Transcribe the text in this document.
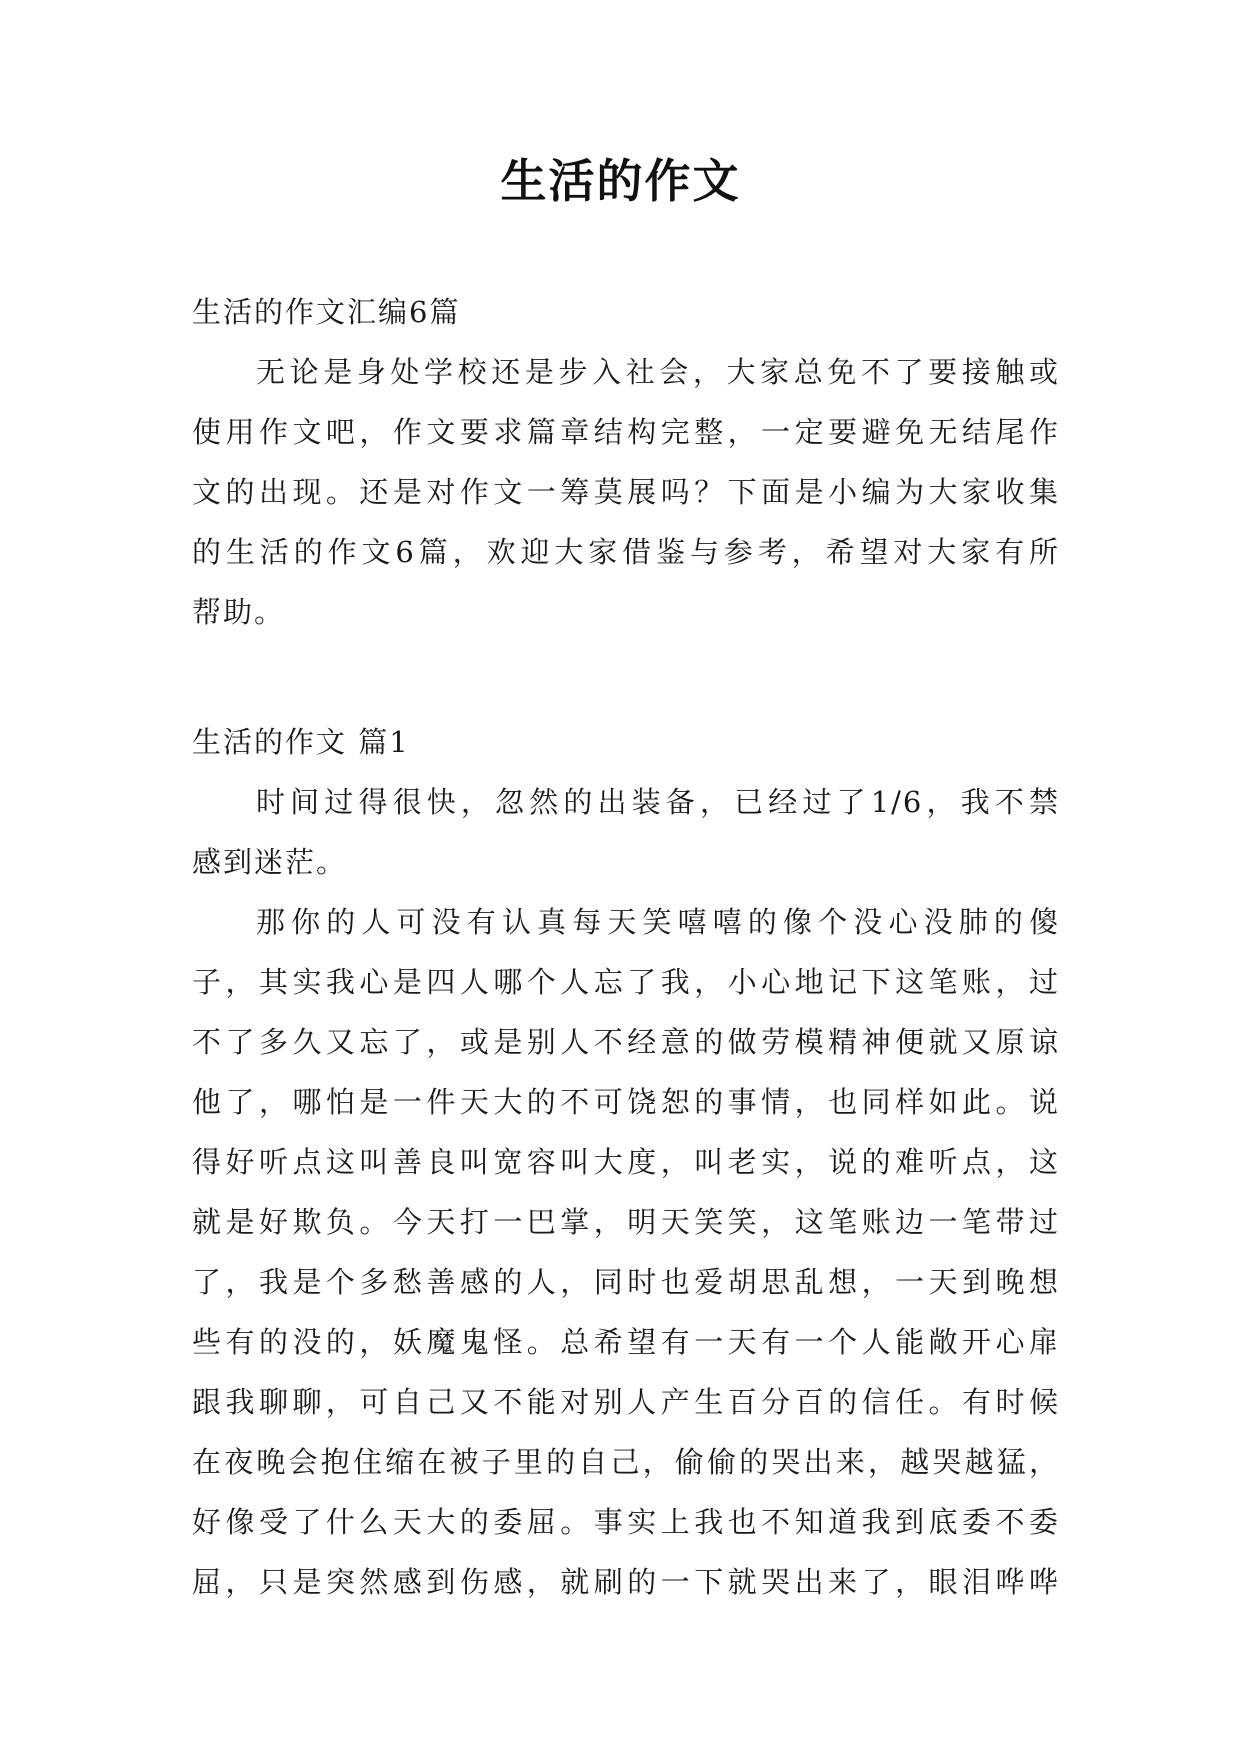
生活的作文

生活的作文汇编6篇

无论是身处学校还是步入社会，大家总免不了要接触或

使用作文吧，作文要求篇章结构完整，一定要避免无结尾作

文的出现。还是对作文一筹莫展吗？下面是小编为大家收集

的生活的作文6篇，欢迎大家借鉴与参考，希望对大家有所

帮助。

生活的作文 篇1

时间过得很快，忽然的出装备，已经过了1/6，我不禁

感到迷茫。

那你的人可没有认真每天笑嘻嘻的像个没心没肺的傻

子，其实我心是四人哪个人忘了我，小心地记下这笔账，过

不了多久又忘了，或是别人不经意的做劳模精神便就又原谅

他了，哪怕是一件天大的不可饶恕的事情，也同样如此。说

得好听点这叫善良叫宽容叫大度，叫老实，说的难听点，这

就是好欺负。今天打一巴掌，明天笑笑，这笔账边一笔带过

了，我是个多愁善感的人，同时也爱胡思乱想，一天到晚想

些有的没的，妖魔鬼怪。总希望有一天有一个人能敞开心扉

跟我聊聊，可自己又不能对别人产生百分百的信任。有时候

在夜晚会抱住缩在被子里的自己，偷偷的哭出来，越哭越猛，

好像受了什么天大的委屈。事实上我也不知道我到底委不委

屈，只是突然感到伤感，就刷的一下就哭出来了，眼泪哗哗
